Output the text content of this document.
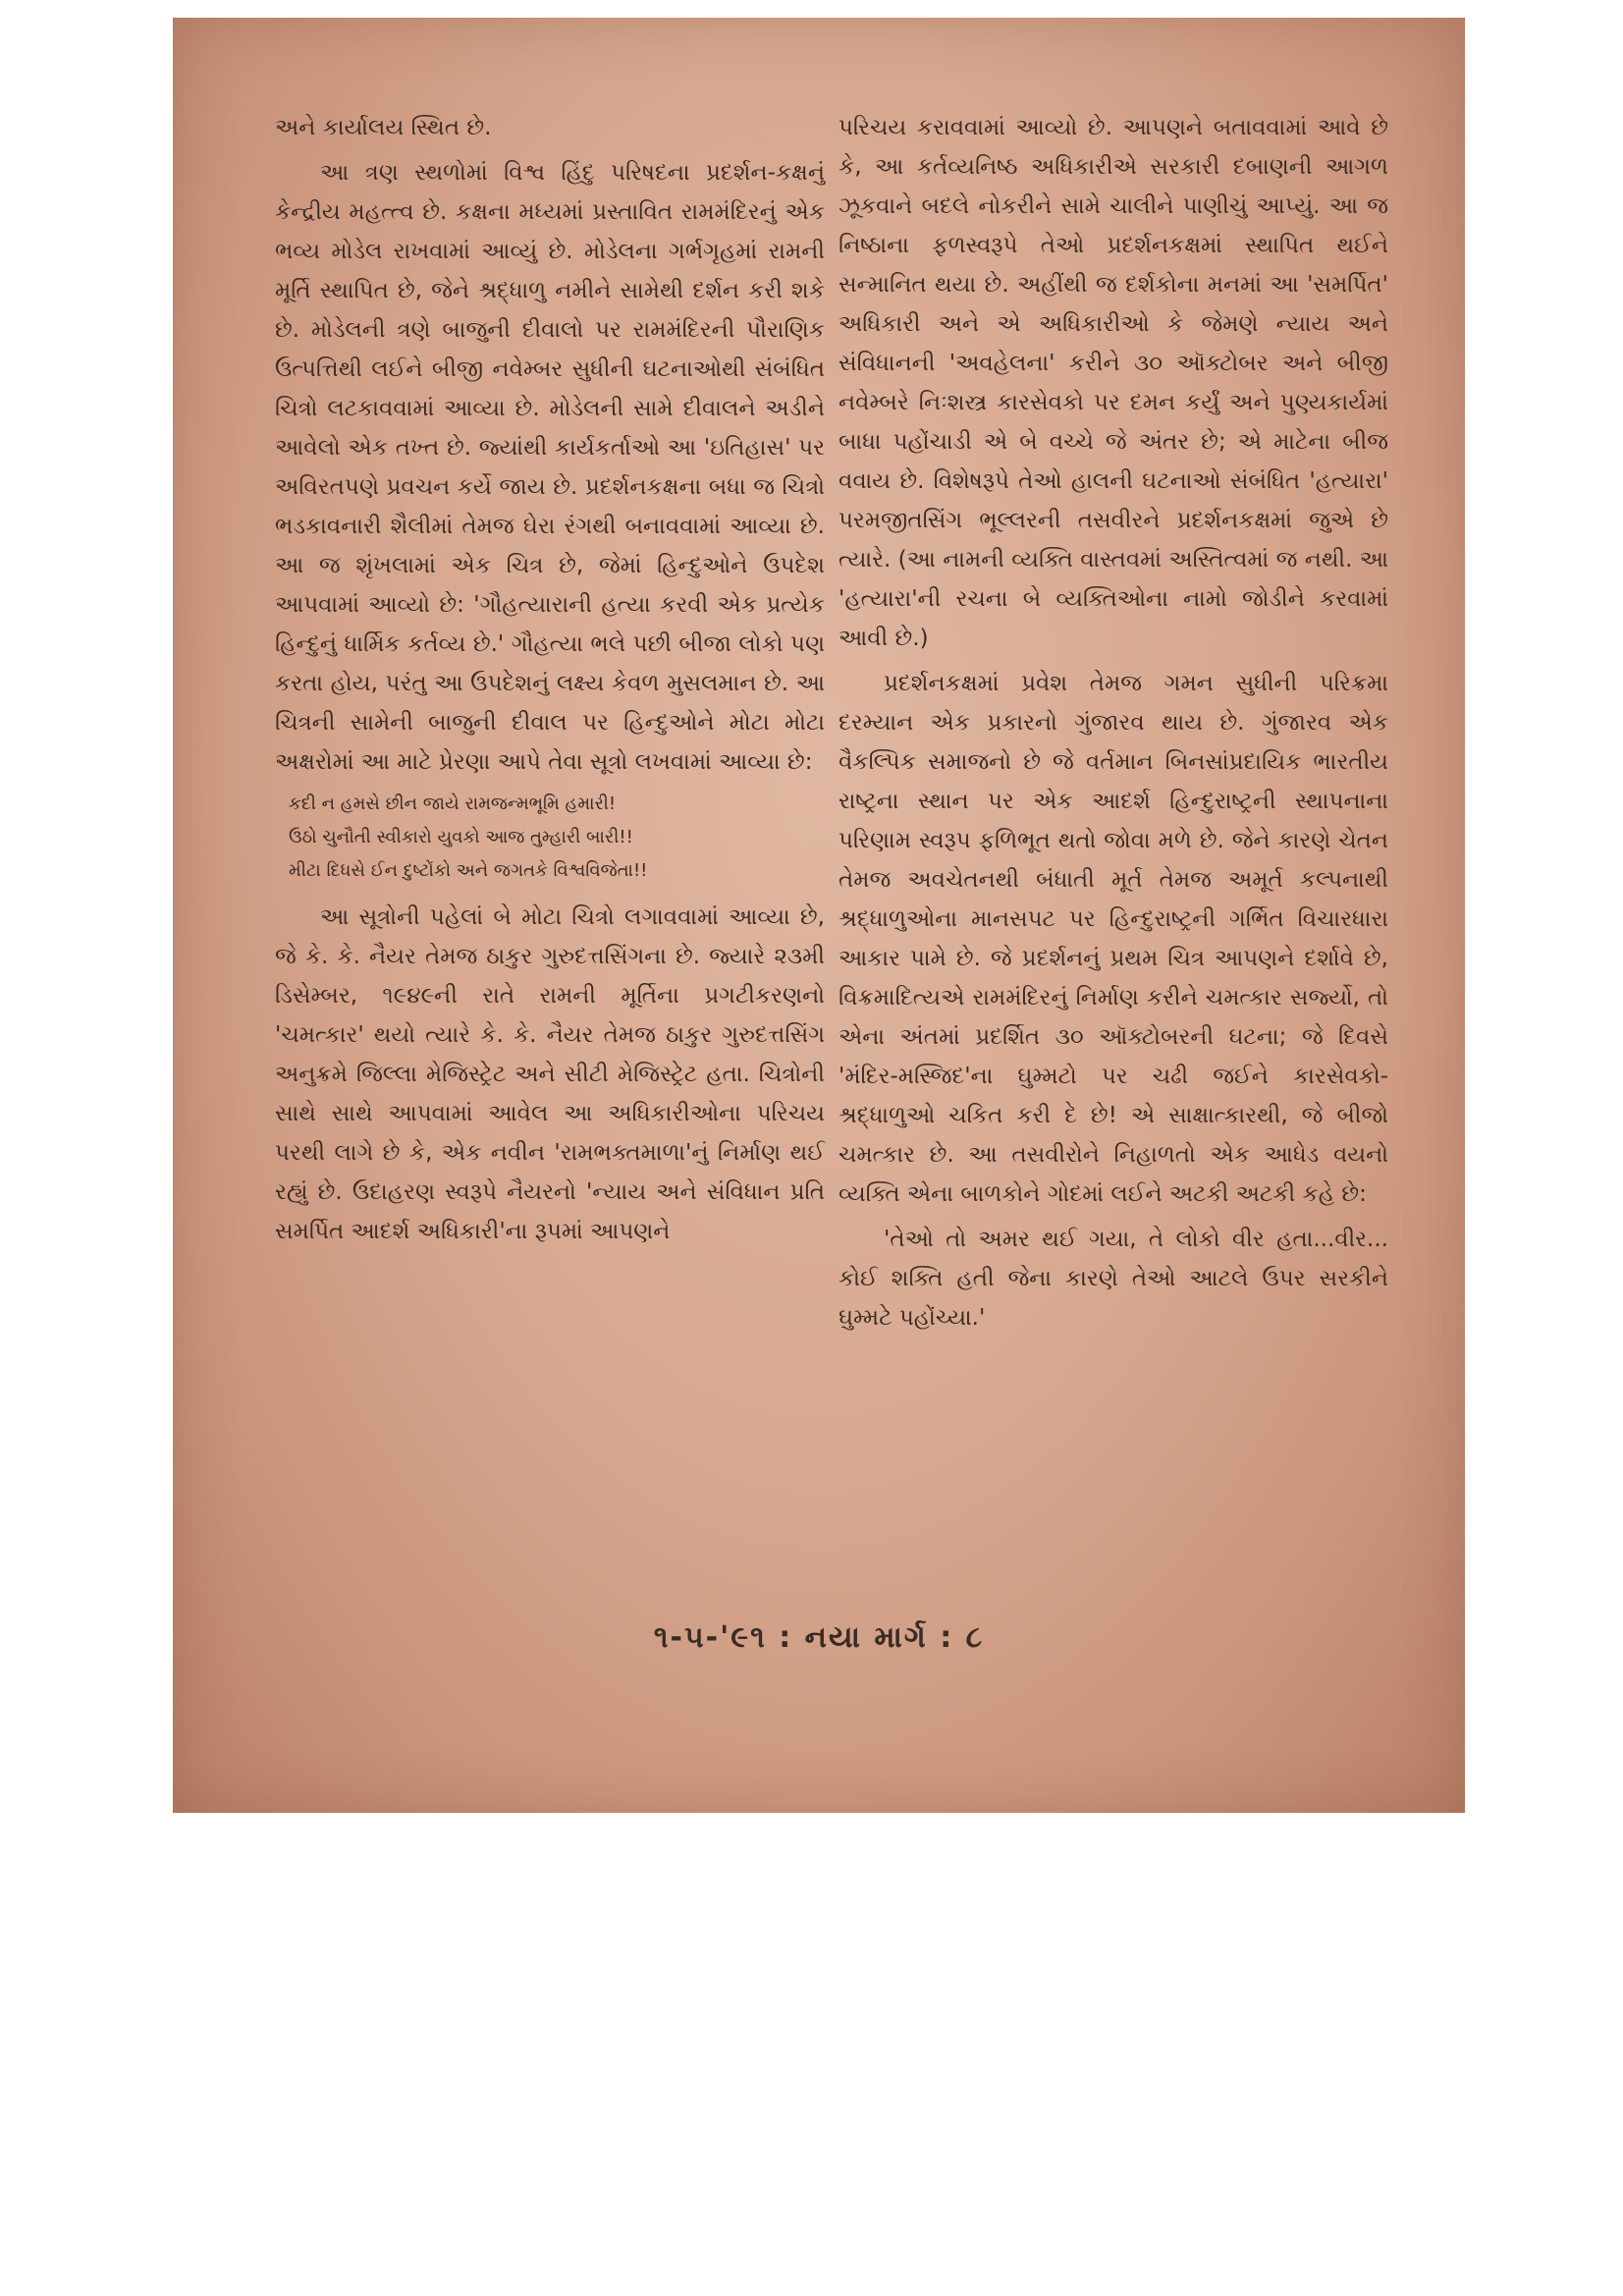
અને કાર્યાલય સ્થિત છે.

આ ત્રણ સ્થળોમાં વિશ્વ હિંદુ પરિષદના પ્રદર્શન-કક્ષનું કેન્દ્રીય મહત્ત્વ છે. કક્ષના મધ્યમાં પ્રસ્તાવિત રામમંદિરનું એક ભવ્ય મોડેલ રાખવામાં આવ્યું છે. મોડેલના ગર્ભગૃહમાં રામની મૂર્તિ સ્થાપિત છે, જેને શ્રદ્ધાળુ નમીને સામેથી દર્શન કરી શકે છે. મોડેલની ત્રણે બાજુની દીવાલો પર રામમંદિરની પૌરાણિક ઉત્પત્તિથી લઈને બીજી નવેમ્બર સુધીની ઘટનાઓથી સંબંધિત ચિત્રો લટકાવવામાં આવ્યા છે. મોડેલની સામે દીવાલને અડીને આવેલો એક તખ્ત છે. જ્યાંથી કાર્યકર્તાઓ આ 'ઇતિહાસ' પર અવિરતપણે પ્રવચન કર્યે જાય છે. પ્રદર્શનકક્ષના બધા જ ચિત્રો ભડકાવનારી શૈલીમાં તેમજ ઘેરા રંગથી બનાવવામાં આવ્યા છે. આ જ શૃંખલામાં એક ચિત્ર છે, જેમાં હિન્દુઓને ઉપદેશ આપવામાં આવ્યો છે: 'ગૌહત્યારાની હત્યા કરવી એક પ્રત્યેક હિન્દુનું ધાર્મિક કર્તવ્ય છે.' ગૌહત્યા ભલે પછી બીજા લોકો પણ કરતા હોય, પરંતુ આ ઉપદેશનું લક્ષ્ય કેવળ મુસલમાન છે. આ ચિત્રની સામેની બાજુની દીવાલ પર હિન્દુઓને મોટા મોટા અક્ષરોમાં આ માટે પ્રેરણા આપે તેવા સૂત્રો લખવામાં આવ્યા છે:

કદી ન હમસે છીન જાયે રામજન્મભૂમિ હમારી!
ઉઠો ચુનૌતી સ્વીકારો યુવકો આજ તુમ્હારી બારી!!
મીટા દિધસે ઈન દુષ્ટોંકો અને જગતકે વિશ્વવિજેતા!!

આ સૂત્રોની પહેલાં બે મોટા ચિત્રો લગાવવામાં આવ્યા છે, જે કે. કે. નૈયર તેમજ ઠાકુર ગુરુદત્તસિંગના છે. જ્યારે ૨૩મી ડિસેમ્બર, ૧૯૪૯ની રાતે રામની મૂર્તિના પ્રગટીકરણનો 'ચમત્કાર' થયો ત્યારે કે. કે. નૈયર તેમજ ઠાકુર ગુરુદત્તસિંગ અનુક્રમે જિલ્લા મેજિસ્ટ્રેટ અને સીટી મેજિસ્ટ્રેટ હતા. ચિત્રોની સાથે સાથે આપવામાં આવેલ આ અધિકારીઓના પરિચય પરથી લાગે છે કે, એક નવીન 'રામભક્તમાળા'નું નિર્માણ થઈ રહ્યું છે. ઉદાહરણ સ્વરૂપે નૈયરનો 'ન્યાય અને સંવિધાન પ્રતિ સમર્પિત આદર્શ અધિકારી'ના રૂપમાં આપણને

પરિચય કરાવવામાં આવ્યો છે. આપણને બતાવવામાં આવે છે કે, આ કર્તવ્યનિષ્ઠ અધિકારીએ સરકારી દબાણની આગળ ઝૂકવાને બદલે નોકરીને સામે ચાલીને પાણીચું આપ્યું. આ જ નિષ્ઠાના ફળસ્વરૂપે તેઓ પ્રદર્શનકક્ષમાં સ્થાપિત થઈને સન્માનિત થયા છે. અહીંથી જ દર્શકોના મનમાં આ 'સમર્પિત' અધિકારી અને એ અધિકારીઓ કે જેમણે ન્યાય અને સંવિધાનની 'અવહેલના' કરીને ૩૦ ઑક્ટોબર અને બીજી નવેમ્બરે નિઃશસ્ત્ર કારસેવકો પર દમન કર્યું અને પુણ્યકાર્યમાં બાધા પહોંચાડી એ બે વચ્ચે જે અંતર છે; એ માટેના બીજ વવાય છે. વિશેષરૂપે તેઓ હાલની ઘટનાઓ સંબંધિત 'હત્યારા' પરમજીતસિંગ ભૂલ્લરની તસવીરને પ્રદર્શનકક્ષમાં જુએ છે ત્યારે. (આ નામની વ્યક્તિ વાસ્તવમાં અસ્તિત્વમાં જ નથી. આ 'હત્યારા'ની રચના બે વ્યક્તિઓના નામો જોડીને કરવામાં આવી છે.)

પ્રદર્શનકક્ષમાં પ્રવેશ તેમજ ગમન સુધીની પરિક્રમા દરમ્યાન એક પ્રકારનો ગુંજારવ થાય છે. ગુંજારવ એક વૈકલ્પિક સમાજનો છે જે વર્તમાન બિનસાંપ્રદાયિક ભારતીય રાષ્ટ્રના સ્થાન પર એક આદર્શ હિન્દુરાષ્ટ્રની સ્થાપનાના પરિણામ સ્વરૂપ ફળિભૂત થતો જોવા મળે છે. જેને કારણે ચેતન તેમજ અવચેતનથી બંધાતી મૂર્ત તેમજ અમૂર્ત કલ્પનાથી શ્રદ્ધાળુઓના માનસપટ પર હિન્દુરાષ્ટ્રની ગર્ભિત વિચારધારા આકાર પામે છે. જે પ્રદર્શનનું પ્રથમ ચિત્ર આપણને દર્શાવે છે, વિક્રમાદિત્યએ રામમંદિરનું નિર્માણ કરીને ચમત્કાર સર્જ્યો, તો એના અંતમાં પ્રદર્શિત ૩૦ ઑક્ટોબરની ઘટના; જે દિવસે 'મંદિર-મસ્જિદ'ના ઘુમ્મટો પર ચઢી જઈને કારસેવકો-શ્રદ્ધાળુઓ ચકિત કરી દે છે! એ સાક્ષાત્કારથી, જે બીજો ચમત્કાર છે. આ તસવીરોને નિહાળતો એક આધેડ વયનો વ્યક્તિ એના બાળકોને ગોદમાં લઈને અટકી અટકી કહે છે:

'તેઓ તો અમર થઈ ગયા, તે લોકો વીર હતા...વીર... કોઈ શક્તિ હતી જેના કારણે તેઓ આટલે ઉપર સરકીને ઘુમ્મટે પહોંચ્યા.'

૧-૫-'૯૧ : નયા માર્ગ : ૮
